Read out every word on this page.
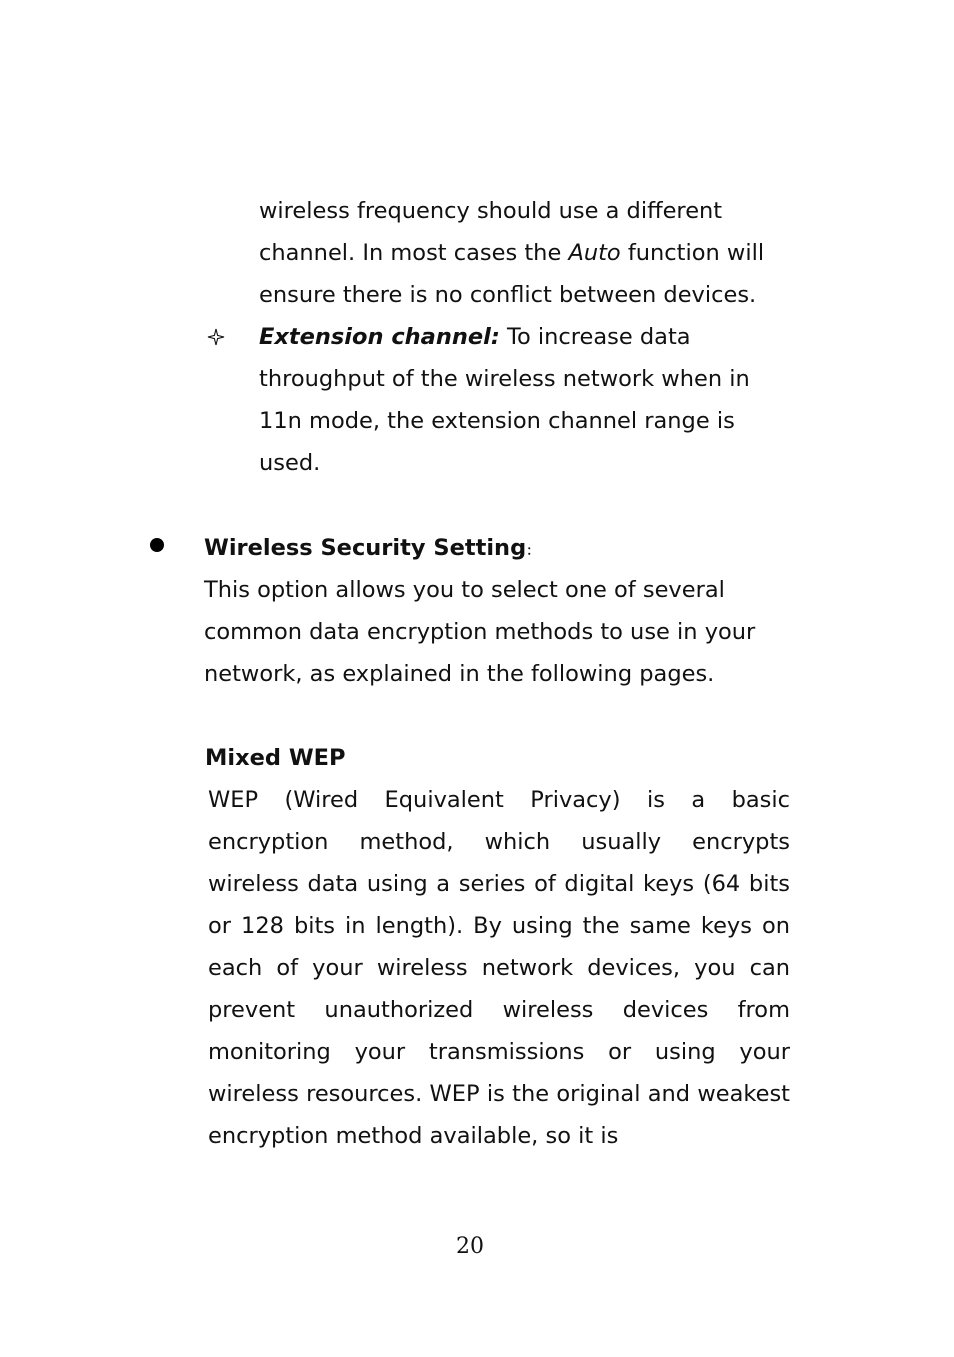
wireless frequency should use a different

channel. In most cases the Auto function will

ensure there is no conflict between devices.

Extension channel: To increase data

throughput of the wireless network when in

11n mode, the extension channel range is

used.

Wireless Security Setting：

This option allows you to select one of several

common data encryption methods to use in your

network, as explained in the following pages.

Mixed WEP

WEP (Wired Equivalent Privacy) is a basic encryption method, which usually encrypts wireless data using a series of digital keys (64 bits or 128 bits in length). By using the same keys on each of your wireless network devices, you can prevent unauthorized wireless devices from monitoring your transmissions or using your wireless resources. WEP is the original and weakest encryption method available, so it is

20
